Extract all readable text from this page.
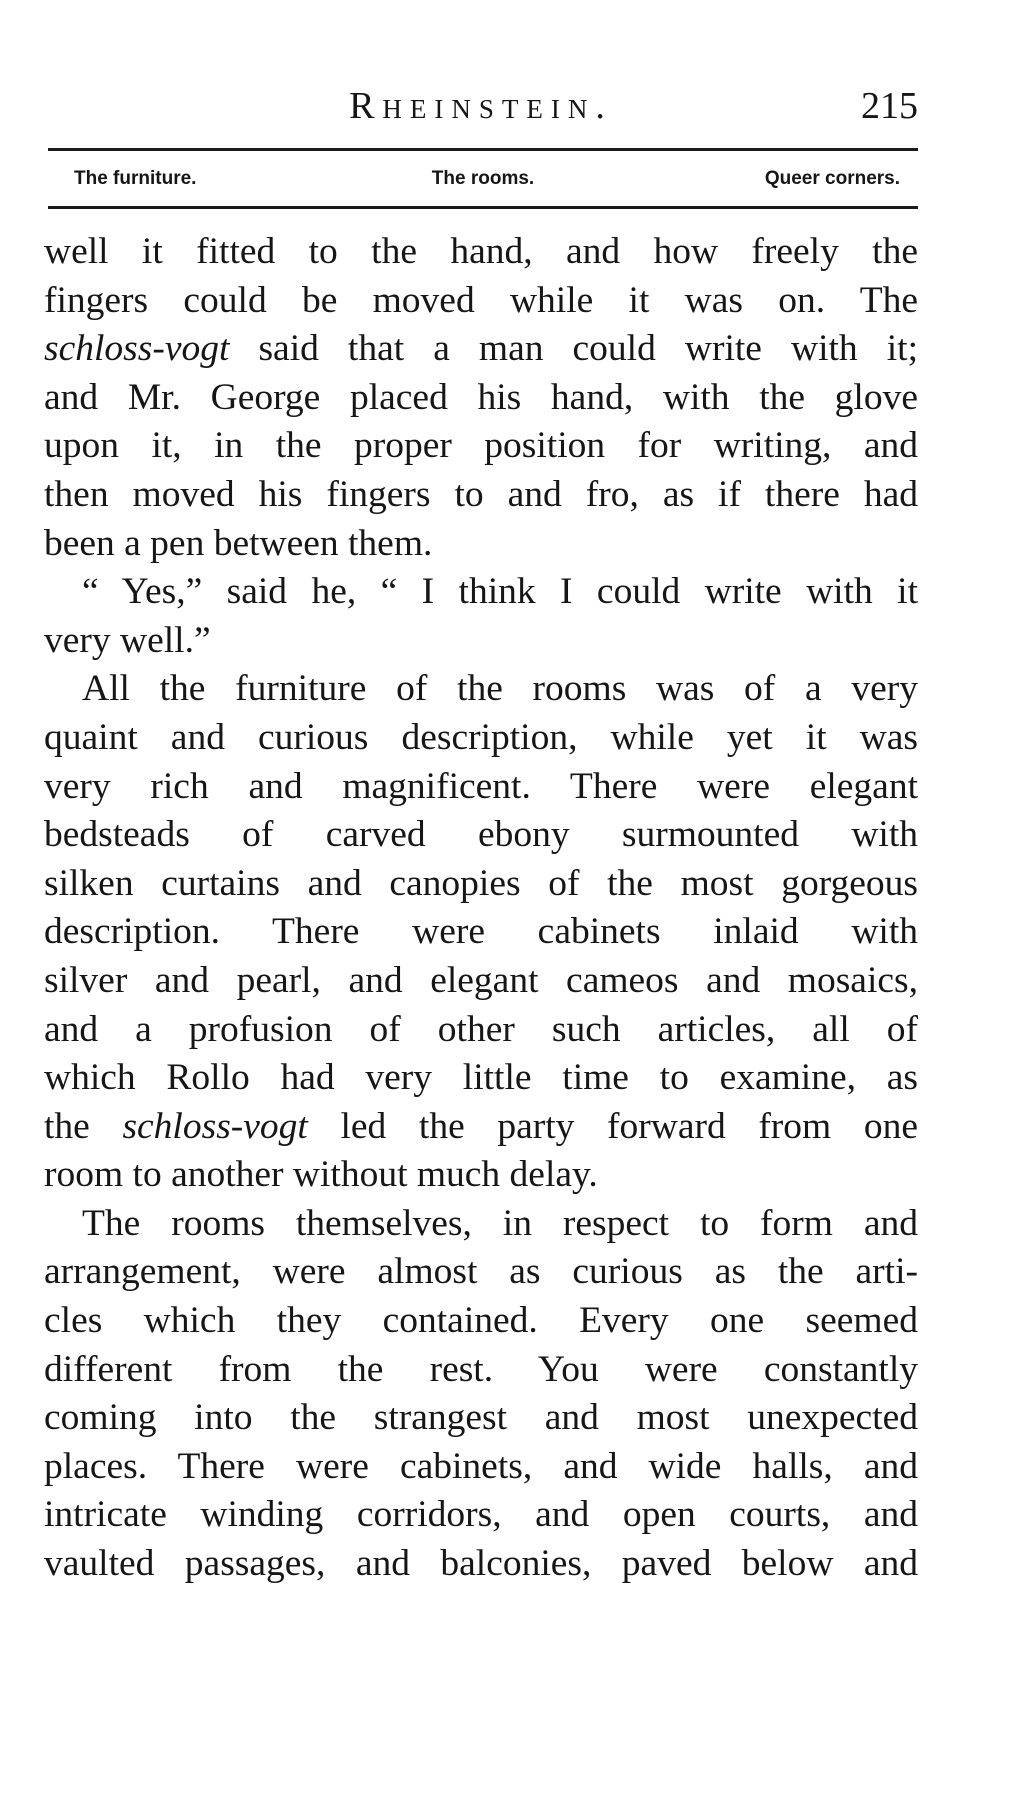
Rheinstein.	215
The furniture.	The rooms.	Queer corners.
well it fitted to the hand, and how freely the
fingers could be moved while it was on. The
schloss-vogt said that a man could write with it;
and Mr. George placed his hand, with the glove
upon it, in the proper position for writing, and
then moved his fingers to and fro, as if there had
been a pen between them.
“ Yes,” said he, “ I think I could write with it
very well.”
All the furniture of the rooms was of a very
quaint and curious description, while yet it was
very rich and magnificent. There were elegant
bedsteads of carved ebony surmounted with
silken curtains and canopies of the most gorgeous
description. There were cabinets inlaid with
silver and pearl, and elegant cameos and mosaics,
and a profusion of other such articles, all of
which Rollo had very little time to examine, as
the schloss-vogt led the party forward from one
room to another without much delay.
The rooms themselves, in respect to form and
arrangement, were almost as curious as the arti-
cles which they contained. Every one seemed
different from the rest. You were constantly
coming into the strangest and most unexpected
places. There were cabinets, and wide halls, and
intricate winding corridors, and open courts, and
vaulted passages, and balconies, paved below and
